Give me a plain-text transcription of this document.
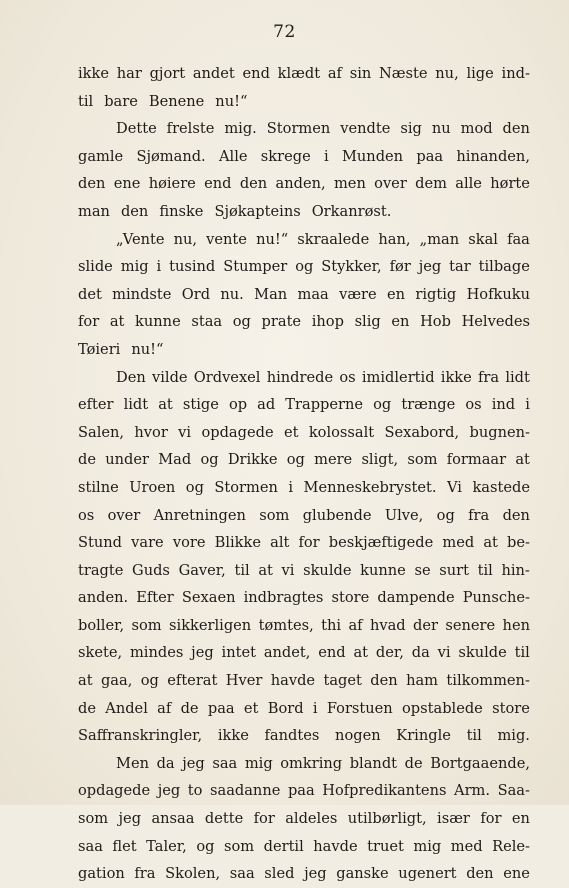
72
ikke har gjort andet end klædt af sin Næste nu, lige ind-
til bare Benene nu!“
Dette frelste mig. Stormen vendte sig nu mod den
gamle Sjømand. Alle skrege i Munden paa hinanden,
den ene høiere end den anden, men over dem alle hørte
man den finske Sjøkapteins Orkanrøst.
„Vente nu, vente nu!“ skraalede han, „man skal faa
slide mig i tusind Stumper og Stykker, før jeg tar tilbage
det mindste Ord nu. Man maa være en rigtig Hofkuku
for at kunne staa og prate ihop slig en Hob Helvedes
Tøieri nu!“
Den vilde Ordvexel hindrede os imidlertid ikke fra lidt
efter lidt at stige op ad Trapperne og trænge os ind i
Salen, hvor vi opdagede et kolossalt Sexabord, bugnen-
de under Mad og Drikke og mere sligt, som formaar at
stilne Uroen og Stormen i Menneskebrystet. Vi kastede
os over Anretningen som glubende Ulve, og fra den
Stund vare vore Blikke alt for beskjæftigede med at be-
tragte Guds Gaver, til at vi skulde kunne se surt til hin-
anden. Efter Sexaen indbragtes store dampende Punsche-
boller, som sikkerligen tømtes, thi af hvad der senere hen
skete, mindes jeg intet andet, end at der, da vi skulde til
at gaa, og efterat Hver havde taget den ham tilkommen-
de Andel af de paa et Bord i Forstuen opstablede store
Saffranskringler, ikke fandtes nogen Kringle til mig.
Men da jeg saa mig omkring blandt de Bortgaaende,
opdagede jeg to saadanne paa Hofpredikantens Arm. Saa-
som jeg ansaa dette for aldeles utilbørligt, især for en
saa flet Taler, og som dertil havde truet mig med Rele-
gation fra Skolen, saa sled jeg ganske ugenert den ene
